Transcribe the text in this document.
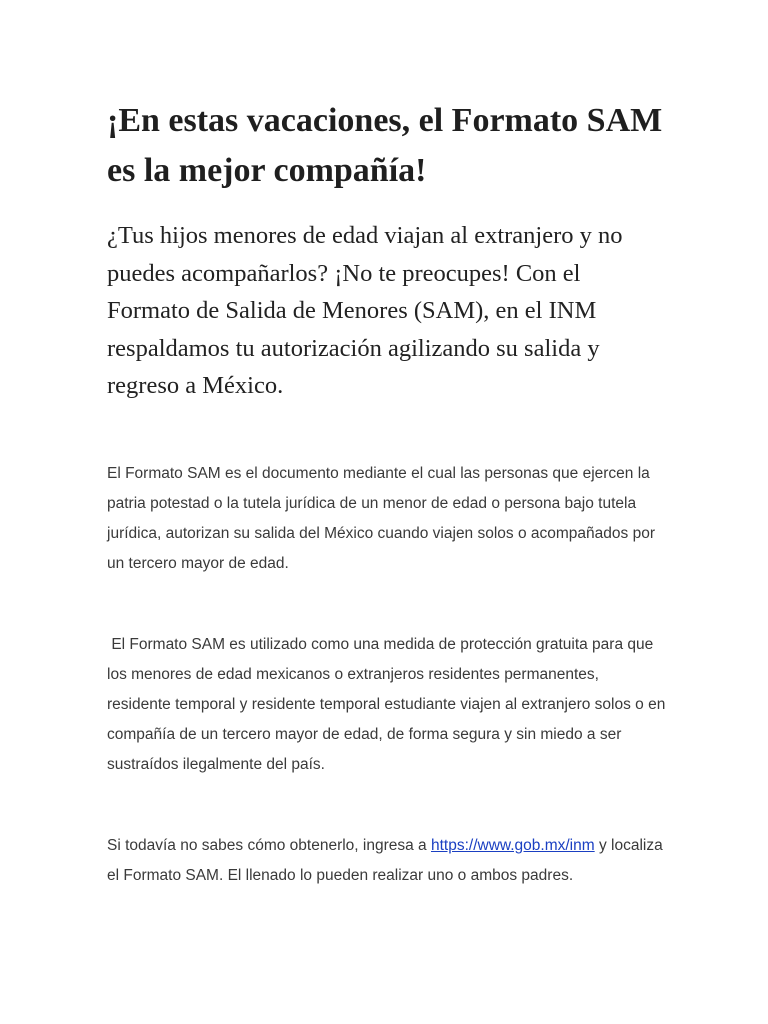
¡En estas vacaciones, el Formato SAM es la mejor compañía!

¿Tus hijos menores de edad viajan al extranjero y no puedes acompañarlos? ¡No te preocupes! Con el Formato de Salida de Menores (SAM), en el INM respaldamos tu autorización agilizando su salida y regreso a México.

El Formato SAM es el documento mediante el cual las personas que ejercen la patria potestad o la tutela jurídica de un menor de edad o persona bajo tutela jurídica, autorizan su salida del México cuando viajen solos o acompañados por un tercero mayor de edad.

El Formato SAM es utilizado como una medida de protección gratuita para que los menores de edad mexicanos o extranjeros residentes permanentes, residente temporal y residente temporal estudiante viajen al extranjero solos o en compañía de un tercero mayor de edad, de forma segura y sin miedo a ser sustraídos ilegalmente del país.

Si todavía no sabes cómo obtenerlo, ingresa a https://www.gob.mx/inm y localiza el Formato SAM. El llenado lo pueden realizar uno o ambos padres.
